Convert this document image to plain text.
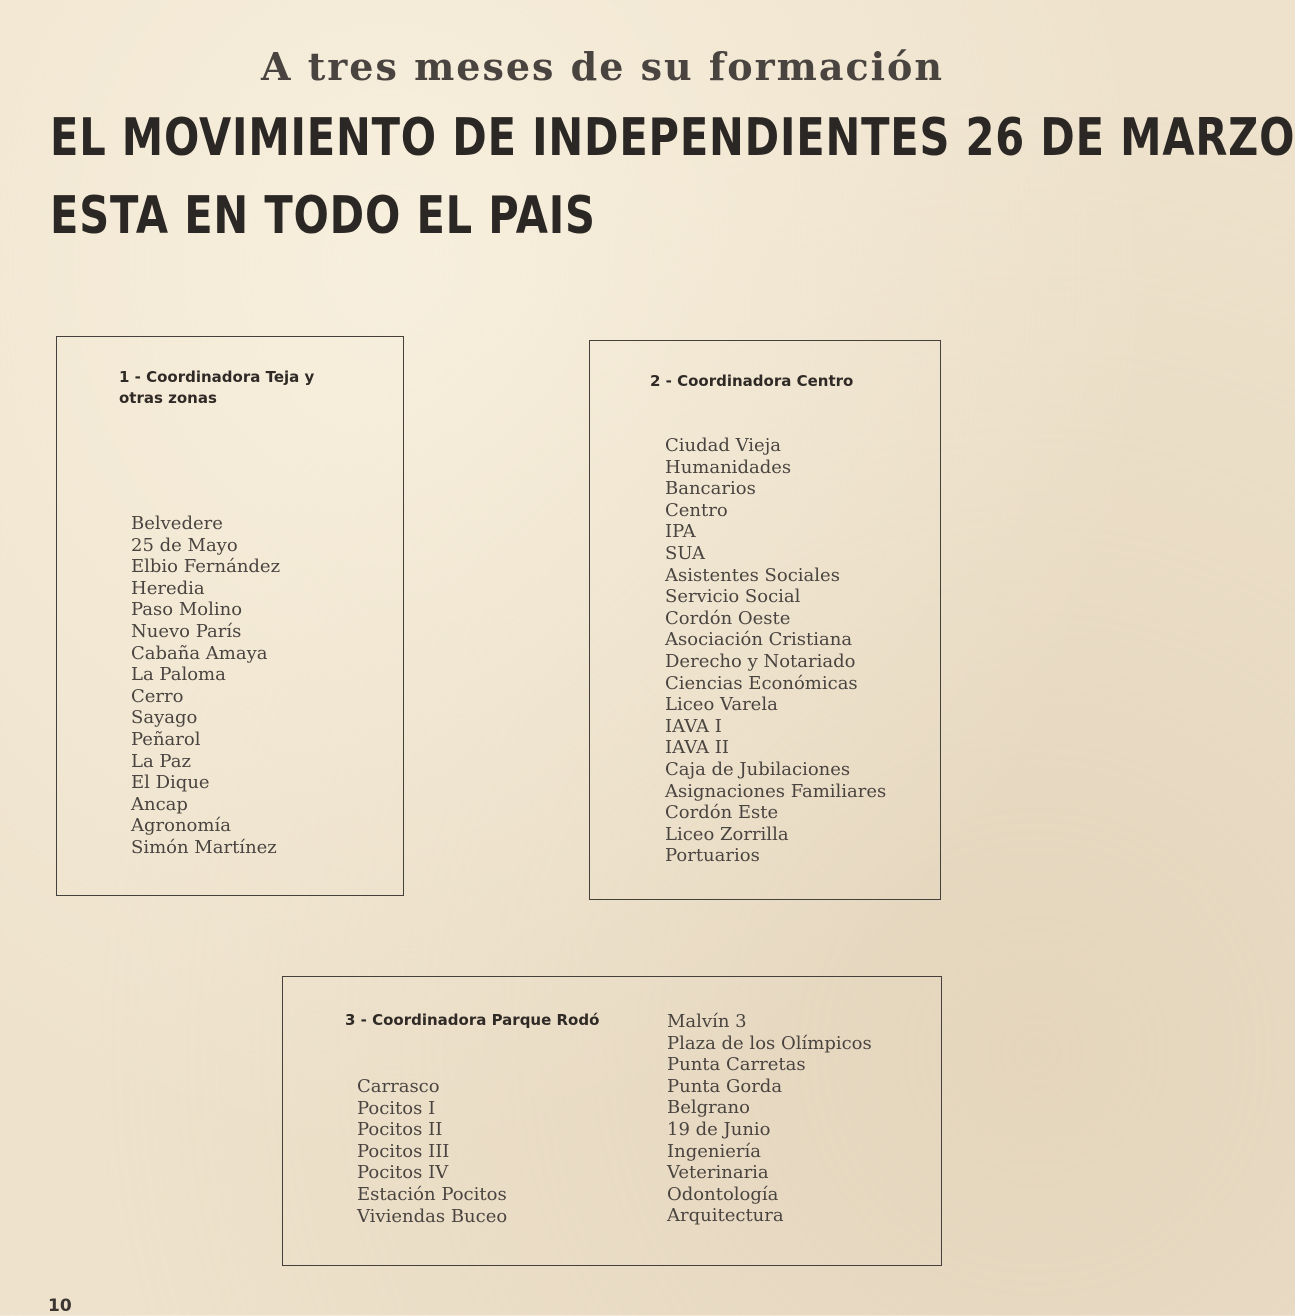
A tres meses de su formación
EL MOVIMIENTO DE INDEPENDIENTES 26 DE MARZO
ESTA EN TODO EL PAIS
1 - Coordinadora Teja y otras zonas
Belvedere
25 de Mayo
Elbio Fernández
Heredia
Paso Molino
Nuevo París
Cabaña Amaya
La Paloma
Cerro
Sayago
Peñarol
La Paz
El Dique
Ancap
Agronomía
Simón Martínez
2 - Coordinadora Centro
Ciudad Vieja
Humanidades
Bancarios
Centro
IPA
SUA
Asistentes Sociales
Servicio Social
Cordón Oeste
Asociación Cristiana
Derecho y Notariado
Ciencias Económicas
Liceo Varela
IAVA I
IAVA II
Caja de Jubilaciones
Asignaciones Familiares
Cordón Este
Liceo Zorrilla
Portuarios
3 - Coordinadora Parque Rodó
Carrasco
Pocitos I
Pocitos II
Pocitos III
Pocitos IV
Estación Pocitos
Viviendas Buceo
Malvín 3
Plaza de los Olímpicos
Punta Carretas
Punta Gorda
Belgrano
19 de Junio
Ingeniería
Veterinaria
Odontología
Arquitectura
10
